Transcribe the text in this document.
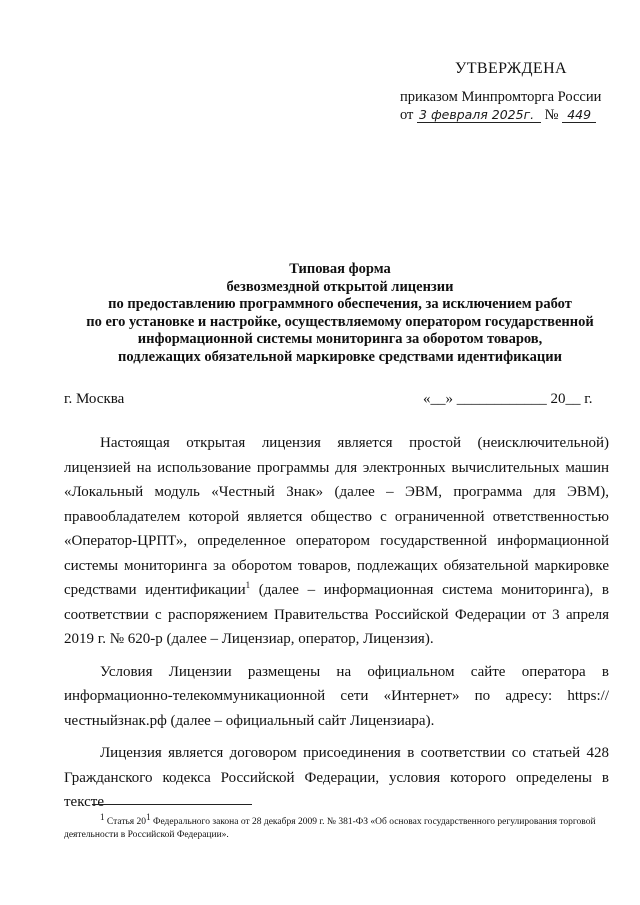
УТВЕРЖДЕНА
приказом Минпромторга России
от 3 февраля 2025г. № 449
Типовая форма
безвозмездной открытой лицензии
по предоставлению программного обеспечения, за исключением работ
по его установке и настройке, осуществляемому оператором государственной
информационной системы мониторинга за оборотом товаров,
подлежащих обязательной маркировке средствами идентификации
г. Москва	«__» ____________ 20__ г.

Настоящая открытая лицензия является простой (неисключительной) лицензией на использование программы для электронных вычислительных машин «Локальный модуль «Честный Знак» (далее – ЭВМ, программа для ЭВМ), правообладателем которой является общество с ограниченной ответственностью «Оператор-ЦРПТ», определенное оператором государственной информационной системы мониторинга за оборотом товаров, подлежащих обязательной маркировке средствами идентификации$^1$ (далее – информационная система мониторинга), в соответствии с распоряжением Правительства Российской Федерации от 3 апреля 2019 г. № 620-р (далее – Лицензиар, оператор, Лицензия).

Условия Лицензии размещены на официальном сайте оператора в информационно-телекоммуникационной сети «Интернет» по адресу: https://честныйзнак.рф (далее – официальный сайт Лицензиара).

Лицензия является договором присоединения в соответствии со статьей 428 Гражданского кодекса Российской Федерации, условия которого определены в тексте

$^1$ Статья $20^1$ Федерального закона от 28 декабря 2009 г. № 381-ФЗ «Об основах государственного регулирования торговой деятельности в Российской Федерации».
